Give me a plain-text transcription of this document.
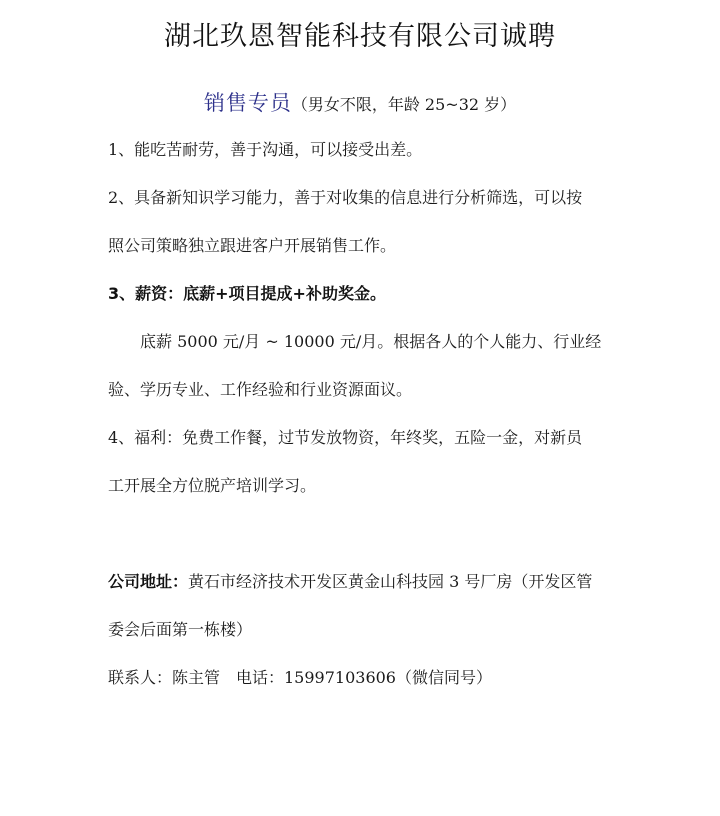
湖北玖恩智能科技有限公司诚聘
销售专员（男女不限，年龄 25~32 岁）
1、能吃苦耐劳，善于沟通，可以接受出差。
2、具备新知识学习能力，善于对收集的信息进行分析筛选，可以按
照公司策略独立跟进客户开展销售工作。
3、薪资：底薪+项目提成+补助奖金。
底薪 5000 元/月 ~ 10000 元/月。根据各人的个人能力、行业经
验、学历专业、工作经验和行业资源面议。
4、福利：免费工作餐，过节发放物资，年终奖，五险一金，对新员
工开展全方位脱产培训学习。
公司地址：黄石市经济技术开发区黄金山科技园 3 号厂房（开发区管
委会后面第一栋楼）
联系人：陈主管　电话：15997103606（微信同号）
